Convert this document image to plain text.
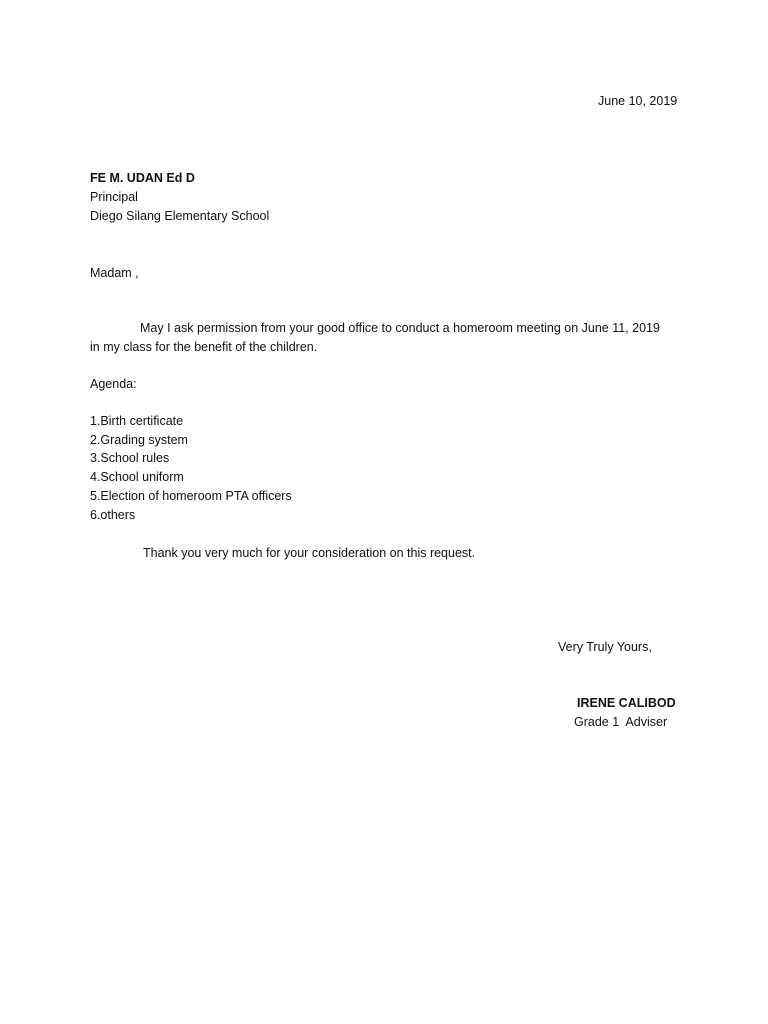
June 10, 2019
FE M. UDAN Ed D
Principal
Diego Silang Elementary School
Madam ,
May I ask permission from your good office to conduct a homeroom meeting on June 11, 2019
in my class for the benefit of the children.
Agenda:
1.Birth certificate
2.Grading system
3.School rules
4.School uniform
5.Election of homeroom PTA officers
6.others
Thank you very much for your consideration on this request.
Very Truly Yours,
IRENE CALIBOD
Grade 1  Adviser
